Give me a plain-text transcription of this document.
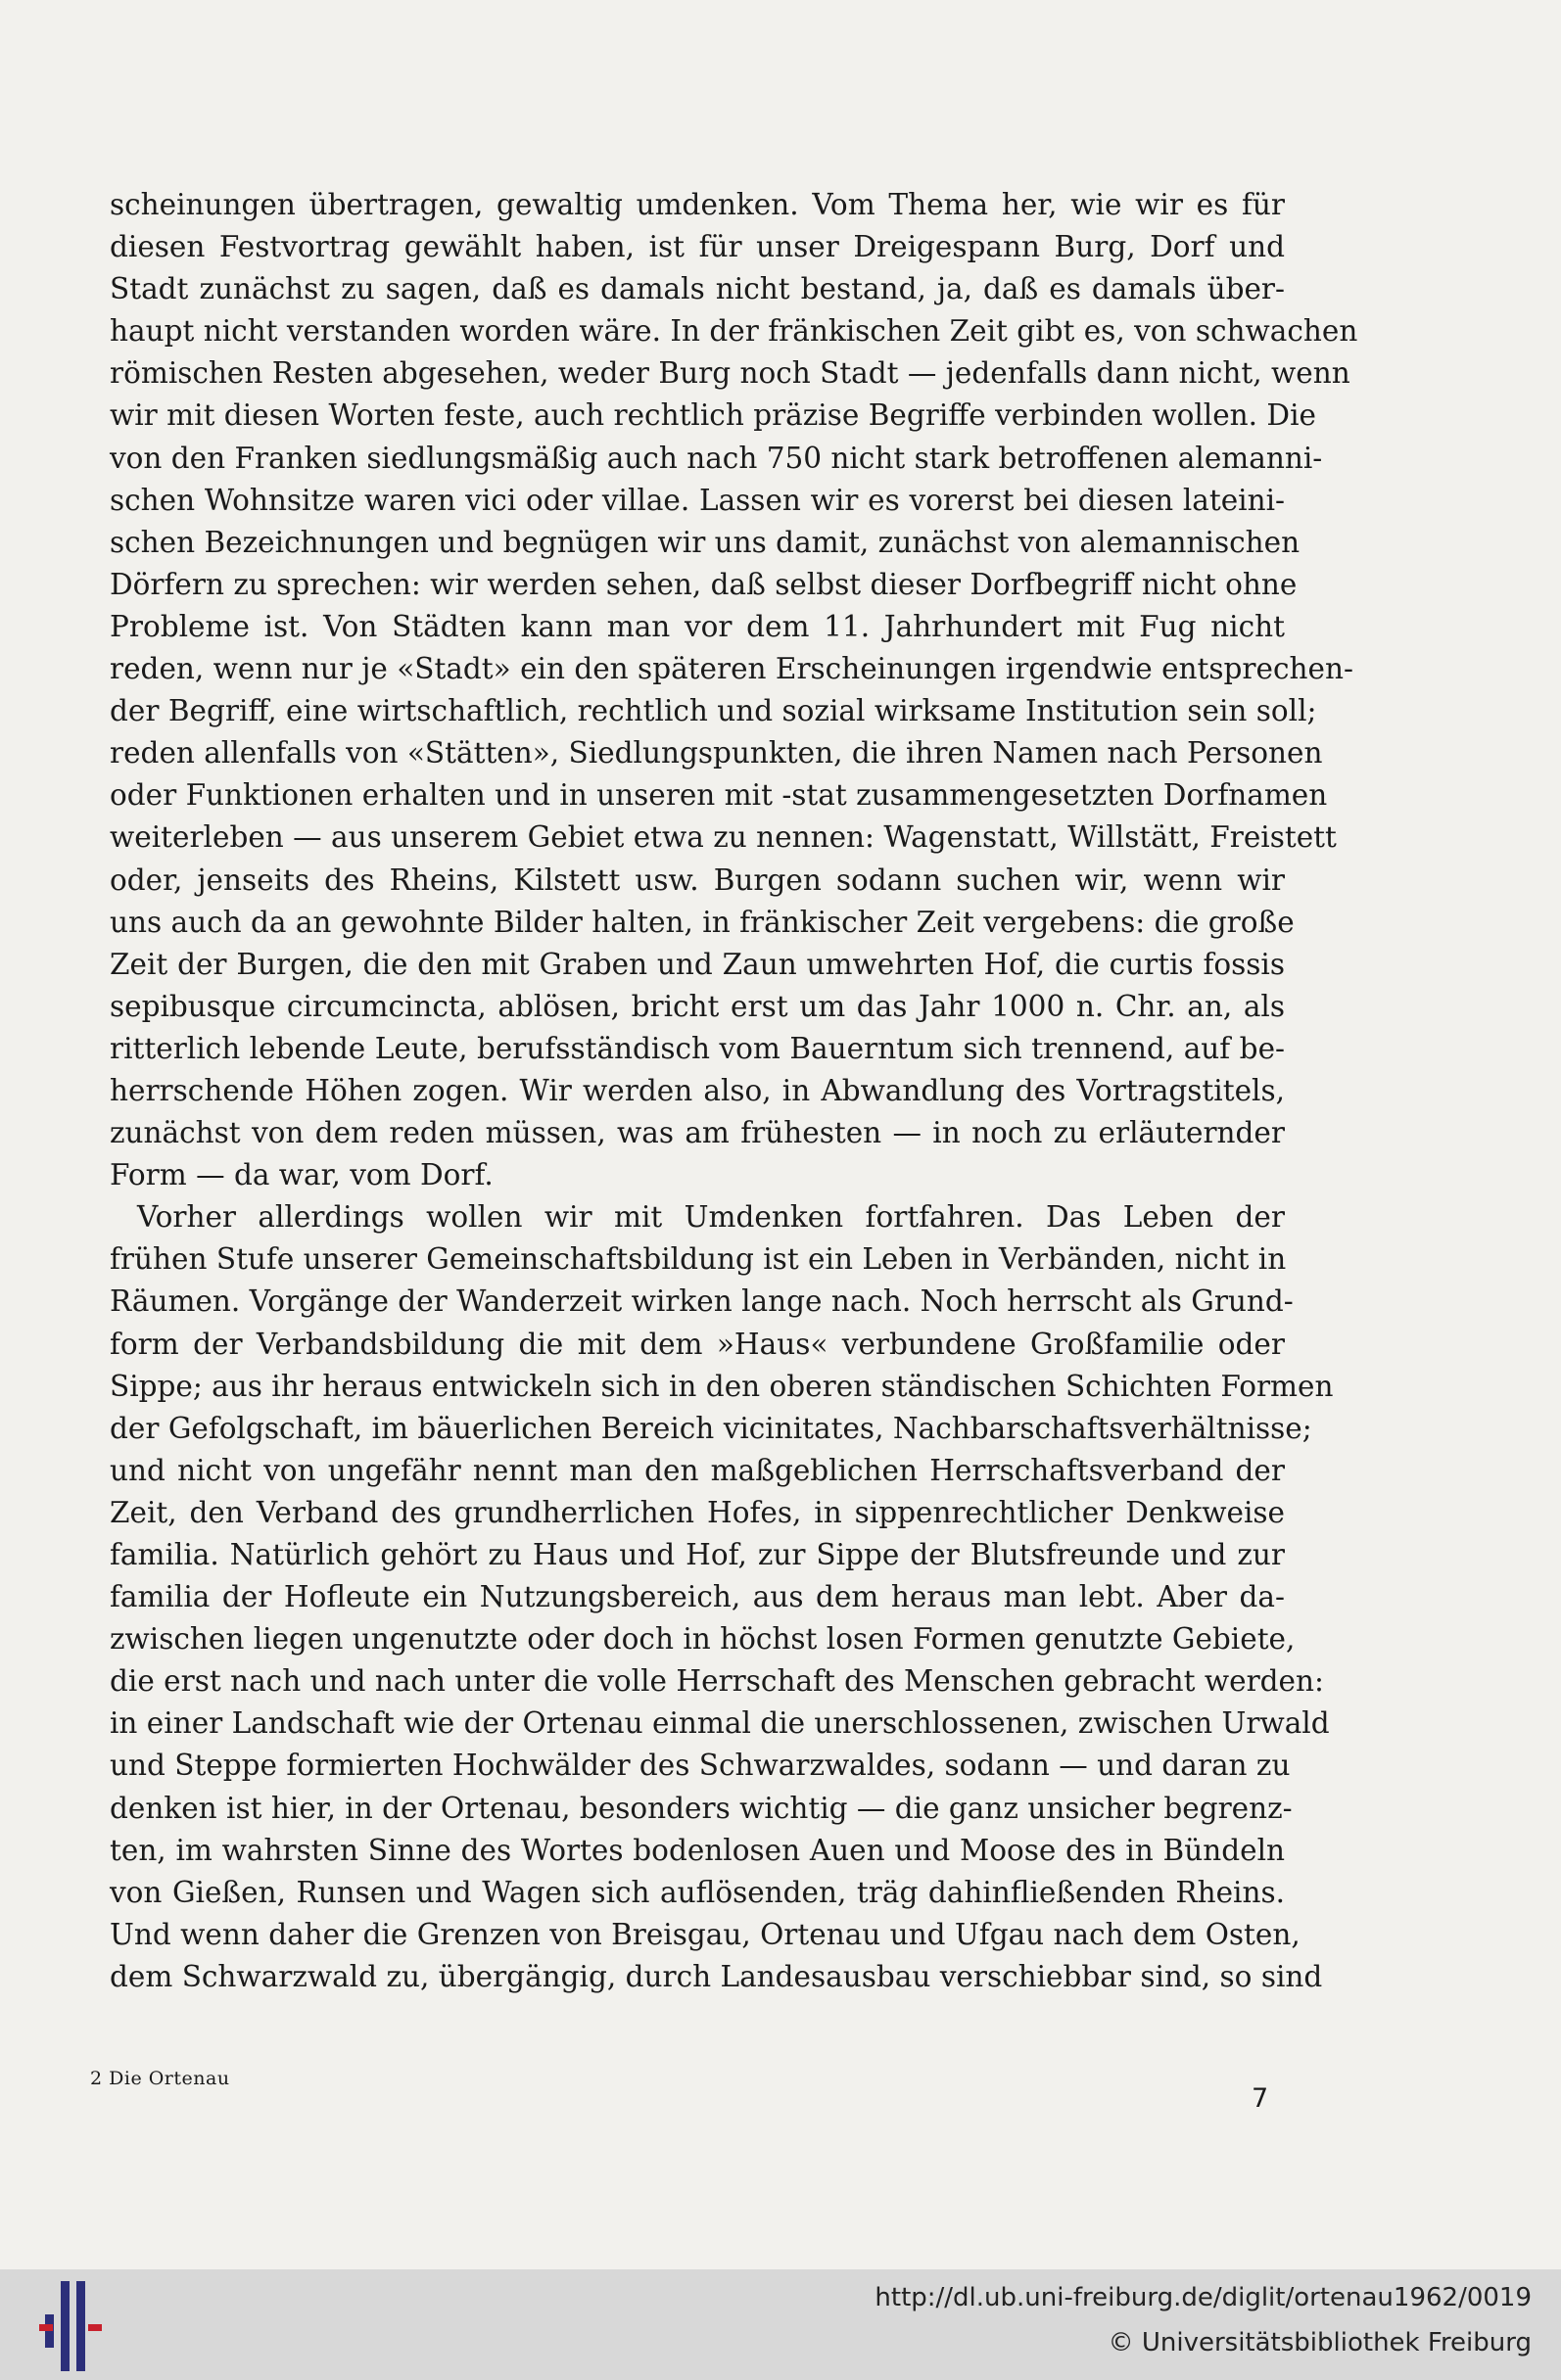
scheinungen übertragen, gewaltig umdenken. Vom Thema her, wie wir es für
diesen Festvortrag gewählt haben, ist für unser Dreigespann Burg, Dorf und
Stadt zunächst zu sagen, daß es damals nicht bestand, ja, daß es damals über-
haupt nicht verstanden worden wäre. In der fränkischen Zeit gibt es, von schwachen
römischen Resten abgesehen, weder Burg noch Stadt — jedenfalls dann nicht, wenn
wir mit diesen Worten feste, auch rechtlich präzise Begriffe verbinden wollen. Die
von den Franken siedlungsmäßig auch nach 750 nicht stark betroffenen alemanni-
schen Wohnsitze waren vici oder villae. Lassen wir es vorerst bei diesen lateini-
schen Bezeichnungen und begnügen wir uns damit, zunächst von alemannischen
Dörfern zu sprechen: wir werden sehen, daß selbst dieser Dorfbegriff nicht ohne
Probleme ist. Von Städten kann man vor dem 11. Jahrhundert mit Fug nicht
reden, wenn nur je «Stadt» ein den späteren Erscheinungen irgendwie entsprechen-
der Begriff, eine wirtschaftlich, rechtlich und sozial wirksame Institution sein soll;
reden allenfalls von «Stätten», Siedlungspunkten, die ihren Namen nach Personen
oder Funktionen erhalten und in unseren mit -stat zusammengesetzten Dorfnamen
weiterleben — aus unserem Gebiet etwa zu nennen: Wagenstatt, Willstätt, Freistett
oder, jenseits des Rheins, Kilstett usw. Burgen sodann suchen wir, wenn wir
uns auch da an gewohnte Bilder halten, in fränkischer Zeit vergebens: die große
Zeit der Burgen, die den mit Graben und Zaun umwehrten Hof, die curtis fossis
sepibusque circumcincta, ablösen, bricht erst um das Jahr 1000 n. Chr. an, als
ritterlich lebende Leute, berufsständisch vom Bauerntum sich trennend, auf be-
herrschende Höhen zogen. Wir werden also, in Abwandlung des Vortragstitels,
zunächst von dem reden müssen, was am frühesten — in noch zu erläuternder
Form — da war, vom Dorf.
Vorher allerdings wollen wir mit Umdenken fortfahren. Das Leben der
frühen Stufe unserer Gemeinschaftsbildung ist ein Leben in Verbänden, nicht in
Räumen. Vorgänge der Wanderzeit wirken lange nach. Noch herrscht als Grund-
form der Verbandsbildung die mit dem »Haus« verbundene Großfamilie oder
Sippe; aus ihr heraus entwickeln sich in den oberen ständischen Schichten Formen
der Gefolgschaft, im bäuerlichen Bereich vicinitates, Nachbarschaftsverhältnisse;
und nicht von ungefähr nennt man den maßgeblichen Herrschaftsverband der
Zeit, den Verband des grundherrlichen Hofes, in sippenrechtlicher Denkweise
familia. Natürlich gehört zu Haus und Hof, zur Sippe der Blutsfreunde und zur
familia der Hofleute ein Nutzungsbereich, aus dem heraus man lebt. Aber da-
zwischen liegen ungenutzte oder doch in höchst losen Formen genutzte Gebiete,
die erst nach und nach unter die volle Herrschaft des Menschen gebracht werden:
in einer Landschaft wie der Ortenau einmal die unerschlossenen, zwischen Urwald
und Steppe formierten Hochwälder des Schwarzwaldes, sodann — und daran zu
denken ist hier, in der Ortenau, besonders wichtig — die ganz unsicher begrenz-
ten, im wahrsten Sinne des Wortes bodenlosen Auen und Moose des in Bündeln
von Gießen, Runsen und Wagen sich auflösenden, träg dahinfließenden Rheins.
Und wenn daher die Grenzen von Breisgau, Ortenau und Ufgau nach dem Osten,
dem Schwarzwald zu, übergängig, durch Landesausbau verschiebbar sind, so sind
2 Die Ortenau
7
http://dl.ub.uni-freiburg.de/diglit/ortenau1962/0019
© Universitätsbibliothek Freiburg
